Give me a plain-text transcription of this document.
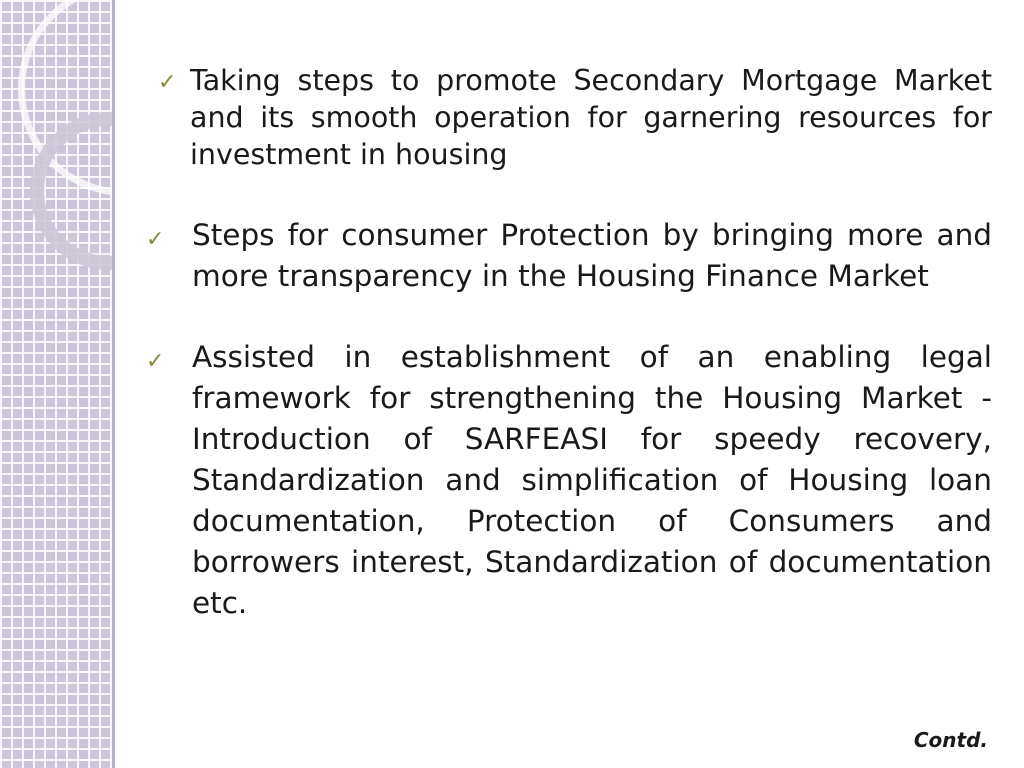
✓ Taking steps to promote Secondary Mortgage Market and its smooth operation for garnering resources for investment in housing
✓ Steps for consumer Protection by bringing more and more transparency in the Housing Finance Market
✓ Assisted in establishment of an enabling legal framework for strengthening the Housing Market - Introduction of SARFEASI for speedy recovery, Standardization and simplification of Housing loan documentation, Protection of Consumers and borrowers interest, Standardization of documentation etc.
Contd.
